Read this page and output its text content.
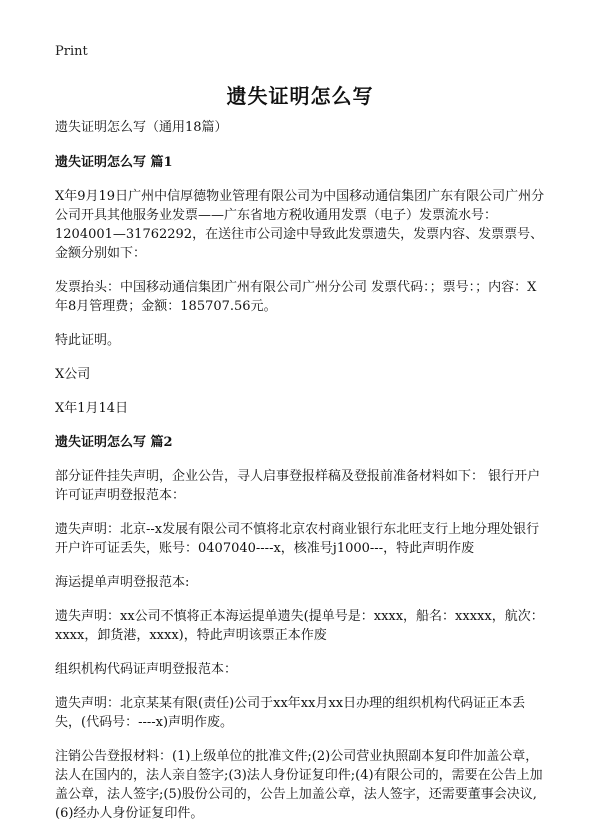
Print
遗失证明怎么写

遗失证明怎么写（通用18篇）

遗失证明怎么写 篇1

X年9月19日广州中信厚德物业管理有限公司为中国移动通信集团广东有限公司广州分公司开具其他服务业发票——广东省地方税收通用发票（电子）发票流水号：1204001—31762292，在送往市公司途中导致此发票遗失，发票内容、发票票号、金额分别如下：

发票抬头：中国移动通信集团广州有限公司广州分公司 发票代码：；票号：；内容：X年8月管理费；金额：185707.56元。

特此证明。

X公司

X年1月14日

遗失证明怎么写 篇2

部分证件挂失声明，企业公告，寻人启事登报样稿及登报前准备材料如下： 银行开户许可证声明登报范本：

遗失声明：北京--x发展有限公司不慎将北京农村商业银行东北旺支行上地分理处银行开户许可证丢失，账号：0407040----x，核准号j1000---，特此声明作废

海运提单声明登报范本:

遗失声明：xx公司不慎将正本海运提单遗失(提单号是：xxxx，船名：xxxxx，航次：xxxx，卸货港，xxxx)，特此声明该票正本作废

组织机构代码证声明登报范本：

遗失声明：北京某某有限(责任)公司于xx年xx月xx日办理的组织机构代码证正本丢失，(代码号：----x)声明作废。

注销公告登报材料：(1)上级单位的批准文件;(2)公司营业执照副本复印件加盖公章，法人在国内的，法人亲自签字;(3)法人身份证复印件;(4)有限公司的，需要在公告上加盖公章，法人签字;(5)股份公司的，公告上加盖公章，法人签字，还需要董事会决议,(6)经办人身份证复印件。
